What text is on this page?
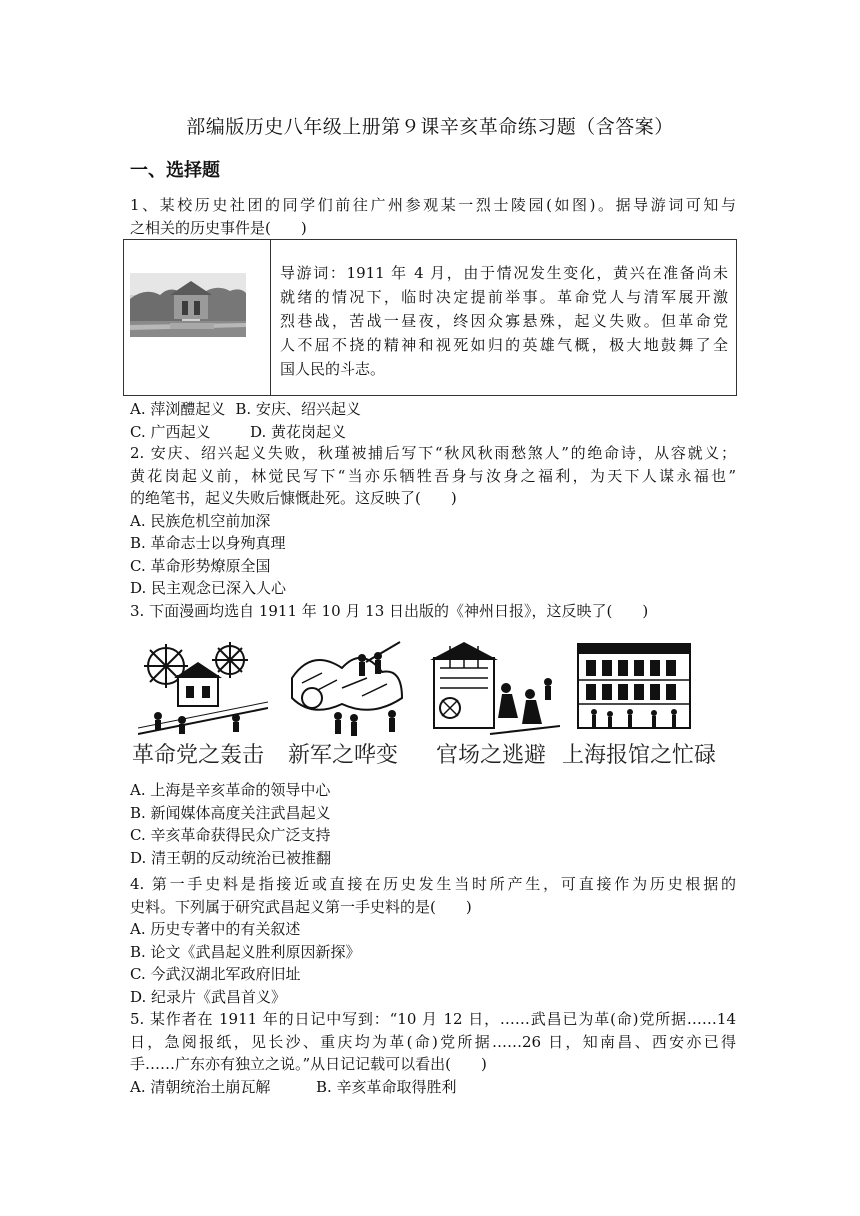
部编版历史八年级上册第９课辛亥革命练习题（含答案）
一、选择题
1、某校历史社团的同学们前往广州参观某一烈士陵园(如图)。据导游词可知与
之相关的历史事件是(　　)
导游词：1911 年 4 月，由于情况发生变化，黄兴在准备尚未
就绪的情况下，临时决定提前举事。革命党人与清军展开激
烈巷战，苦战一昼夜，终因众寡悬殊，起义失败。但革命党
人不屈不挠的精神和视死如归的英雄气概，极大地鼓舞了全
国人民的斗志。
A. 萍浏醴起义 B. 安庆、绍兴起义
C. 广西起义	D. 黄花岗起义
2. 安庆、绍兴起义失败，秋瑾被捕后写下“秋风秋雨愁煞人”的绝命诗，从容就义；
黄花岗起义前，林觉民写下“当亦乐牺牲吾身与汝身之福利，为天下人谋永福也”
的绝笔书，起义失败后慷慨赴死。这反映了(　　)
A. 民族危机空前加深
B. 革命志士以身殉真理
C. 革命形势燎原全国
D. 民主观念已深入人心
3. 下面漫画均选自 1911 年 10 月 13 日出版的《神州日报》，这反映了(　　)
革命党之轰击 新军之哗变 官场之逃避 上海报馆之忙碌
A. 上海是辛亥革命的领导中心
B. 新闻媒体高度关注武昌起义
C. 辛亥革命获得民众广泛支持
D. 清王朝的反动统治已被推翻
4. 第一手史料是指接近或直接在历史发生当时所产生，可直接作为历史根据的
史料。下列属于研究武昌起义第一手史料的是(　　)
A. 历史专著中的有关叙述
B. 论文《武昌起义胜利原因新探》
C. 今武汉湖北军政府旧址
D. 纪录片《武昌首义》
5. 某作者在 1911 年的日记中写到：“10 月 12 日，……武昌已为革(命)党所据……14
日，急阅报纸，见长沙、重庆均为革(命)党所据……26 日，知南昌、西安亦已得
手……广东亦有独立之说。”从日记记载可以看出(　　)
A. 清朝统治土崩瓦解	B. 辛亥革命取得胜利
